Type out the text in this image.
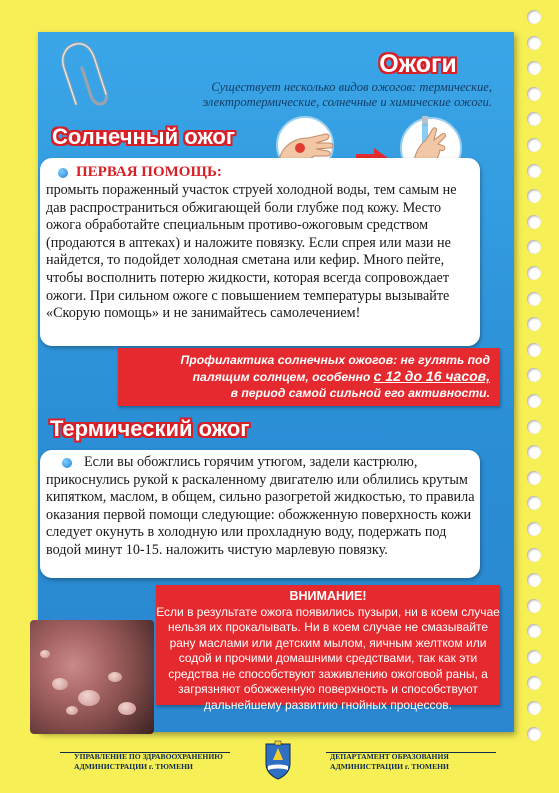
Ожоги
Существует несколько видов ожогов: термические, электротермические, солнечные и химические ожоги.
Солнечный ожог
ПЕРВАЯ ПОМОЩЬ:
промыть пораженный участок струей холодной воды, тем самым не дав распространиться обжигающей боли глубже под кожу. Место ожога обработайте специальным противо-ожоговым средством (продаются в аптеках) и наложите повязку. Если спрея или мази не найдется, то подойдет холодная сметана или кефир. Много пейте, чтобы восполнить потерю жидкости, которая всегда сопровождает ожоги. При сильном ожоге с повышением температуры вызывайте «Скорую помощь» и не занимайтесь самолечением!
Профилактика солнечных ожогов: не гулять под
палящим солнцем, особенно с 12 до 16 часов,
в период самой сильной его активности.
Термический ожог
Если вы обожглись горячим утюгом, задели кастрюлю, прикоснулись рукой к раскаленному двигателю или облились крутым кипятком, маслом, в общем, сильно разогретой жидкостью, то правила оказания первой помощи следующие: обожженную поверхность кожи следует окунуть в холодную или прохладную воду, подержать под водой минут 10-15. наложить чистую марлевую повязку.
ВНИМАНИЕ!
Если в результате ожога появились пузыри, ни в коем случае нельзя их прокалывать. Ни в коем случае не смазывайте рану маслами или детским мылом, яичным желтком или содой и прочими домашними средствами, так как эти средства не способствуют заживлению ожоговой раны, а загрязняют обожженную поверхность и способствуют дальнейшему развитию гнойных процессов.
УПРАВЛЕНИЕ ПО ЗДРАВООХРАНЕНИЮ
АДМИНИСТРАЦИИ г. ТЮМЕНИ
ДЕПАРТАМЕНТ ОБРАЗОВАНИЯ
АДМИНИСТРАЦИИ г. ТЮМЕНИ
